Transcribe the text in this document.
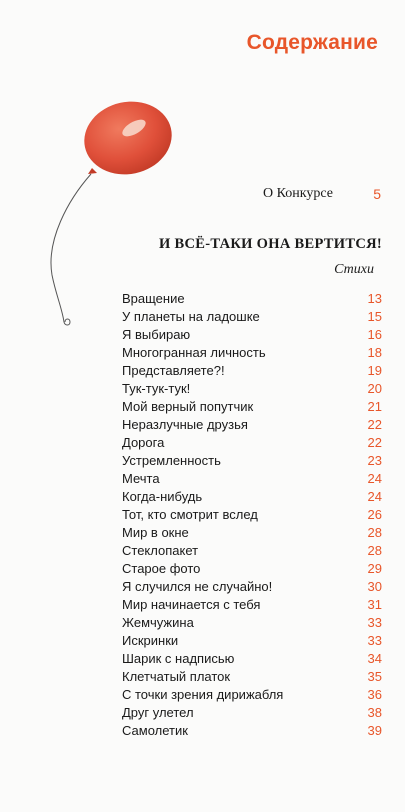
Содержание
О Конкурсе	5
И ВСЁ-ТАКИ ОНА ВЕРТИТСЯ!
Стихи
Вращение	13
У планеты на ладошке	15
Я выбираю	16
Многогранная личность	18
Представляете?!	19
Тук-тук-тук!	20
Мой верный попутчик	21
Неразлучные друзья	22
Дорога	22
Устремленность	23
Мечта	24
Когда-нибудь	24
Тот, кто смотрит вслед	26
Мир в окне	28
Стеклопакет	28
Старое фото	29
Я случился не случайно!	30
Мир начинается с тебя	31
Жемчужина	33
Искринки	33
Шарик с надписью	34
Клетчатый платок	35
С точки зрения дирижабля	36
Друг улетел	38
Самолетик	39
